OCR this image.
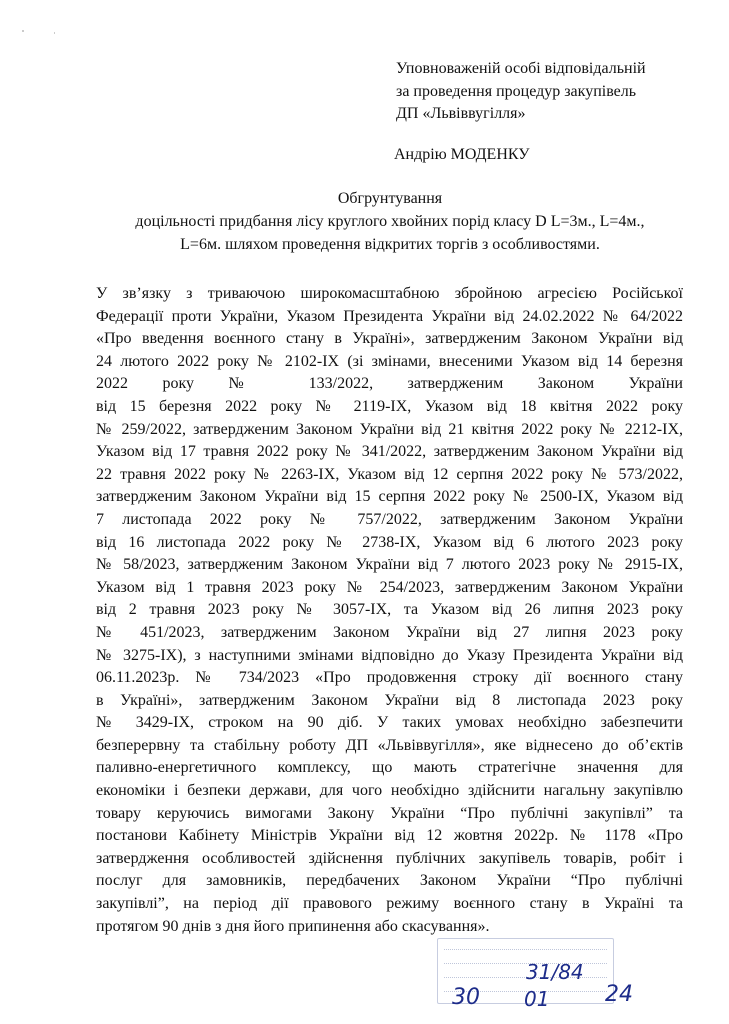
Уповноваженій особі відповідальній
за проведення процедур закупівель
ДП «Львіввугілля»
Андрію МОДЕНКУ
Обгрунтування
доцільності придбання лісу круглого хвойних порід класу D L=3м., L=4м.,
L=6м. шляхом проведення відкритих торгів з особливостями.
У зв’язку з триваючою широкомасштабною збройною агресією Російської
Федерації проти України, Указом Президента України від 24.02.2022 № 64/2022
«Про введення воєнного стану в Україні», затвердженим Законом України від
24 лютого 2022 року № 2102-IX (зі змінами, внесеними Указом від 14 березня
2022 року № 133/2022, затвердженим Законом України
від 15 березня 2022 року № 2119-IX, Указом від 18 квітня 2022 року
№ 259/2022, затвердженим Законом України від 21 квітня 2022 року № 2212-IX,
Указом від 17 травня 2022 року № 341/2022, затвердженим Законом України від
22 травня 2022 року № 2263-IX, Указом від 12 серпня 2022 року № 573/2022,
затвердженим Законом України від 15 серпня 2022 року № 2500-IX, Указом від
7 листопада 2022 року № 757/2022, затвердженим Законом України
від 16 листопада 2022 року № 2738-IX, Указом від 6 лютого 2023 року
№ 58/2023, затвердженим Законом України від 7 лютого 2023 року № 2915-IX,
Указом від 1 травня 2023 року № 254/2023, затвердженим Законом України
від 2 травня 2023 року № 3057-IX, та Указом від 26 липня 2023 року
№ 451/2023, затвердженим Законом України від 27 липня 2023 року
№ 3275-IX), з наступними змінами відповідно до Указу Президента України від
06.11.2023р. № 734/2023 «Про продовження строку дії воєнного стану
в Україні», затвердженим Законом України від 8 листопада 2023 року
№ 3429-IX, строком на 90 діб. У таких умовах необхідно забезпечити
безперервну та стабільну роботу ДП «Львіввугілля», яке віднесено до об’єктів
паливно-енергетичного комплексу, що мають стратегічне значення для
економіки і безпеки держави, для чого необхідно здійснити нагальну закупівлю
товару керуючись вимогами Закону України “Про публічні закупівлі” та
постанови Кабінету Міністрів України від 12 жовтня 2022р. № 1178 «Про
затвердження особливостей здійснення публічних закупівель товарів, робіт і
послуг для замовників, передбачених Законом України “Про публічні
закупівлі”, на період дії правового режиму воєнного стану в Україні та
протягом 90 днів з дня його припинення або скасування».
31/84
30 01	24
